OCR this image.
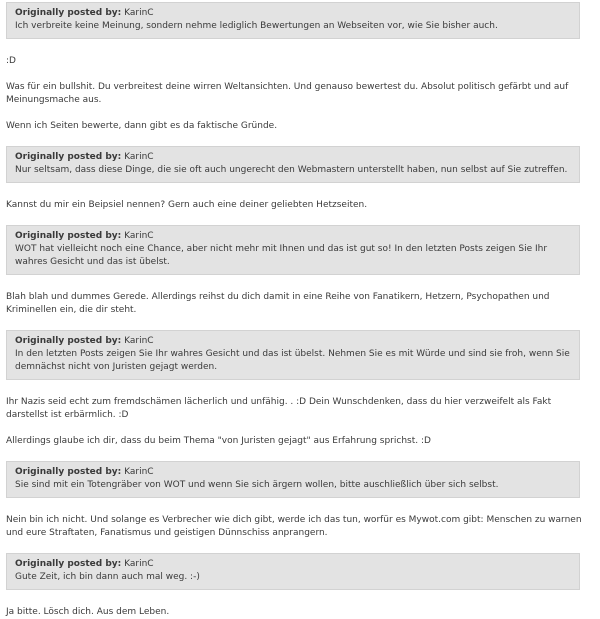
Originally posted by: KarinC
Ich verbreite keine Meinung, sondern nehme lediglich Bewertungen an Webseiten vor, wie Sie bisher auch.

:D

Was für ein bullshit. Du verbreitest deine wirren Weltansichten. Und genauso bewertest du. Absolut politisch gefärbt und auf Meinungsmache aus.

Wenn ich Seiten bewerte, dann gibt es da faktische Gründe.

Originally posted by: KarinC
Nur seltsam, dass diese Dinge, die sie oft auch ungerecht den Webmastern unterstellt haben, nun selbst auf Sie zutreffen.

Kannst du mir ein Beipsiel nennen? Gern auch eine deiner geliebten Hetzseiten.

Originally posted by: KarinC
WOT hat vielleicht noch eine Chance, aber nicht mehr mit Ihnen und das ist gut so! In den letzten Posts zeigen Sie Ihr wahres Gesicht und das ist übelst.

Blah blah und dummes Gerede. Allerdings reihst du dich damit in eine Reihe von Fanatikern, Hetzern, Psychopathen und Kriminellen ein, die dir steht.

Originally posted by: KarinC
In den letzten Posts zeigen Sie Ihr wahres Gesicht und das ist übelst. Nehmen Sie es mit Würde und sind sie froh, wenn Sie demnächst nicht von Juristen gejagt werden.

Ihr Nazis seid echt zum fremdschämen lächerlich und unfähig. . :D Dein Wunschdenken, dass du hier verzweifelt als Fakt darstellst ist erbärmlich. :D

Allerdings glaube ich dir, dass du beim Thema "von Juristen gejagt" aus Erfahrung sprichst. :D

Originally posted by: KarinC
Sie sind mit ein Totengräber von WOT und wenn Sie sich ärgern wollen, bitte auschließlich über sich selbst.

Nein bin ich nicht. Und solange es Verbrecher wie dich gibt, werde ich das tun, worfür es Mywot.com gibt: Menschen zu warnen und eure Straftaten, Fanatismus und geistigen Dünnschiss anprangern.

Originally posted by: KarinC
Gute Zeit, ich bin dann auch mal weg. :-)

Ja bitte. Lösch dich. Aus dem Leben.
